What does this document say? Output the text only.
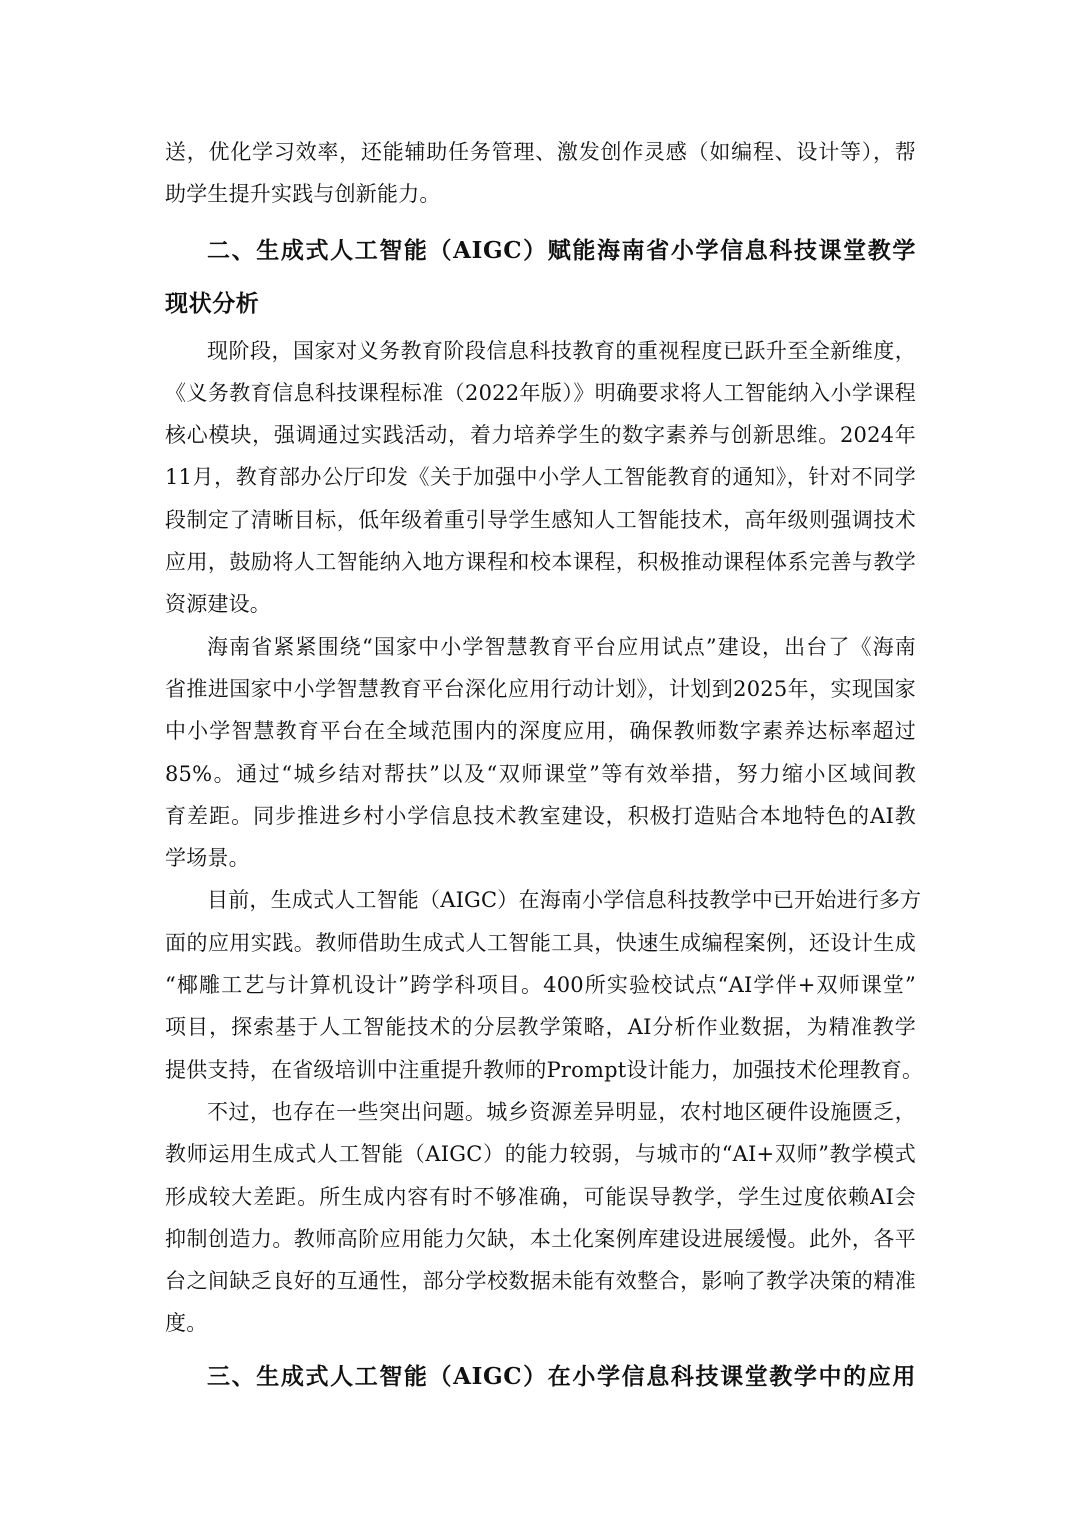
送，优化学习效率，还能辅助任务管理、激发创作灵感（如编程、设计等），帮
助学生提升实践与创新能力。
二、生成式人工智能（AIGC）赋能海南省小学信息科技课堂教学
现状分析
现阶段，国家对义务教育阶段信息科技教育的重视程度已跃升至全新维度，
《义务教育信息科技课程标准（2022年版）》明确要求将人工智能纳入小学课程
核心模块，强调通过实践活动，着力培养学生的数字素养与创新思维。2024年
11月，教育部办公厅印发《关于加强中小学人工智能教育的通知》，针对不同学
段制定了清晰目标，低年级着重引导学生感知人工智能技术，高年级则强调技术
应用，鼓励将人工智能纳入地方课程和校本课程，积极推动课程体系完善与教学
资源建设。
海南省紧紧围绕“国家中小学智慧教育平台应用试点”建设，出台了《海南
省推进国家中小学智慧教育平台深化应用行动计划》，计划到2025年，实现国家
中小学智慧教育平台在全域范围内的深度应用，确保教师数字素养达标率超过
85%。通过“城乡结对帮扶”以及“双师课堂”等有效举措，努力缩小区域间教
育差距。同步推进乡村小学信息技术教室建设，积极打造贴合本地特色的AI教
学场景。
目前，生成式人工智能（AIGC）在海南小学信息科技教学中已开始进行多方
面的应用实践。教师借助生成式人工智能工具，快速生成编程案例，还设计生成
“椰雕工艺与计算机设计”跨学科项目。400所实验校试点“AI学伴+双师课堂”
项目，探索基于人工智能技术的分层教学策略，AI分析作业数据，为精准教学
提供支持，在省级培训中注重提升教师的Prompt设计能力，加强技术伦理教育。
不过，也存在一些突出问题。城乡资源差异明显，农村地区硬件设施匮乏，
教师运用生成式人工智能（AIGC）的能力较弱，与城市的“AI+双师”教学模式
形成较大差距。所生成内容有时不够准确，可能误导教学，学生过度依赖AI会
抑制创造力。教师高阶应用能力欠缺，本土化案例库建设进展缓慢。此外，各平
台之间缺乏良好的互通性，部分学校数据未能有效整合，影响了教学决策的精准
度。
三、生成式人工智能（AIGC）在小学信息科技课堂教学中的应用
